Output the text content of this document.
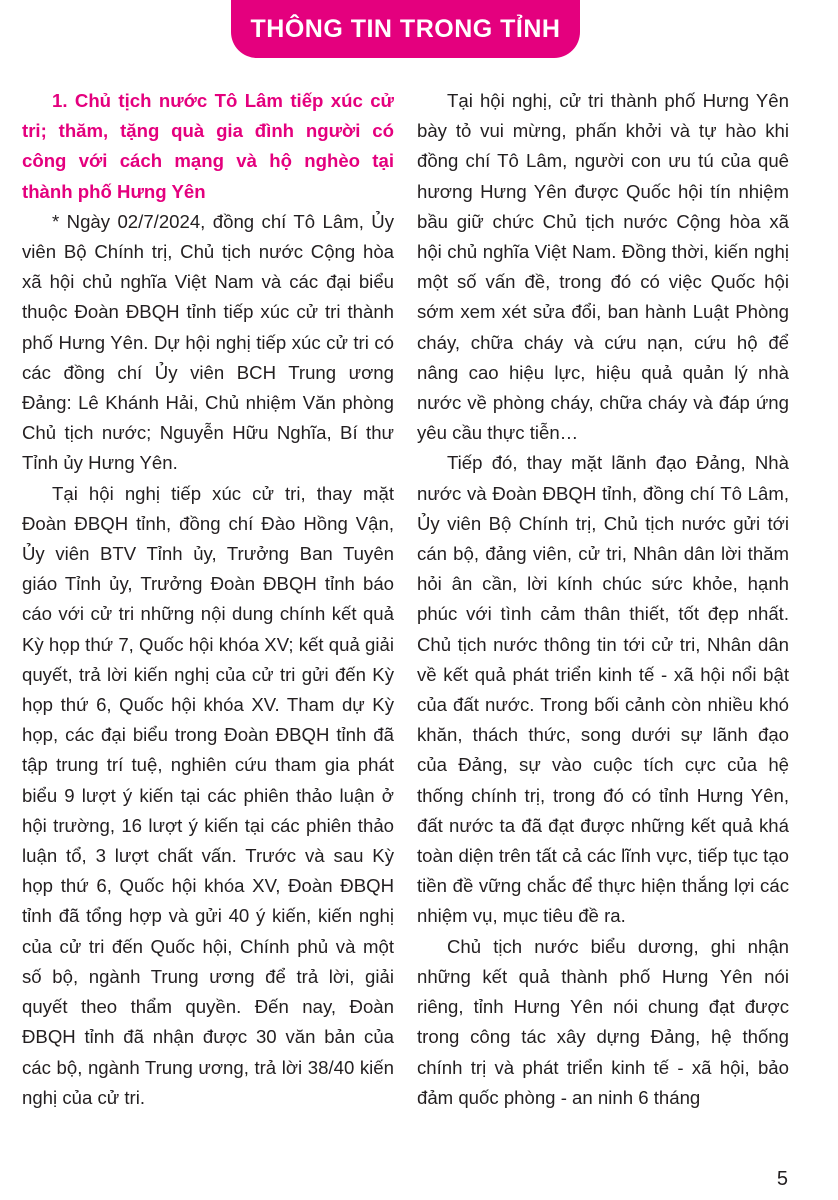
THÔNG TIN TRONG TỈNH

1. Chủ tịch nước Tô Lâm tiếp xúc cử tri; thăm, tặng quà gia đình người có công với cách mạng và hộ nghèo tại thành phố Hưng Yên

* Ngày 02/7/2024, đồng chí Tô Lâm, Ủy viên Bộ Chính trị, Chủ tịch nước Cộng hòa xã hội chủ nghĩa Việt Nam và các đại biểu thuộc Đoàn ĐBQH tỉnh tiếp xúc cử tri thành phố Hưng Yên. Dự hội nghị tiếp xúc cử tri có các đồng chí Ủy viên BCH Trung ương Đảng: Lê Khánh Hải, Chủ nhiệm Văn phòng Chủ tịch nước; Nguyễn Hữu Nghĩa, Bí thư Tỉnh ủy Hưng Yên.

Tại hội nghị tiếp xúc cử tri, thay mặt Đoàn ĐBQH tỉnh, đồng chí Đào Hồng Vận, Ủy viên BTV Tỉnh ủy, Trưởng Ban Tuyên giáo Tỉnh ủy, Trưởng Đoàn ĐBQH tỉnh báo cáo với cử tri những nội dung chính kết quả Kỳ họp thứ 7, Quốc hội khóa XV; kết quả giải quyết, trả lời kiến nghị của cử tri gửi đến Kỳ họp thứ 6, Quốc hội khóa XV. Tham dự Kỳ họp, các đại biểu trong Đoàn ĐBQH tỉnh đã tập trung trí tuệ, nghiên cứu tham gia phát biểu 9 lượt ý kiến tại các phiên thảo luận ở hội trường, 16 lượt ý kiến tại các phiên thảo luận tổ, 3 lượt chất vấn. Trước và sau Kỳ họp thứ 6, Quốc hội khóa XV, Đoàn ĐBQH tỉnh đã tổng hợp và gửi 40 ý kiến, kiến nghị của cử tri đến Quốc hội, Chính phủ và một số bộ, ngành Trung ương để trả lời, giải quyết theo thẩm quyền. Đến nay, Đoàn ĐBQH tỉnh đã nhận được 30 văn bản của các bộ, ngành Trung ương, trả lời 38/40 kiến nghị của cử tri.

Tại hội nghị, cử tri thành phố Hưng Yên bày tỏ vui mừng, phấn khởi và tự hào khi đồng chí Tô Lâm, người con ưu tú của quê hương Hưng Yên được Quốc hội tín nhiệm bầu giữ chức Chủ tịch nước Cộng hòa xã hội chủ nghĩa Việt Nam. Đồng thời, kiến nghị một số vấn đề, trong đó có việc Quốc hội sớm xem xét sửa đổi, ban hành Luật Phòng cháy, chữa cháy và cứu nạn, cứu hộ để nâng cao hiệu lực, hiệu quả quản lý nhà nước về phòng cháy, chữa cháy và đáp ứng yêu cầu thực tiễn…

Tiếp đó, thay mặt lãnh đạo Đảng, Nhà nước và Đoàn ĐBQH tỉnh, đồng chí Tô Lâm, Ủy viên Bộ Chính trị, Chủ tịch nước gửi tới cán bộ, đảng viên, cử tri, Nhân dân lời thăm hỏi ân cần, lời kính chúc sức khỏe, hạnh phúc với tình cảm thân thiết, tốt đẹp nhất. Chủ tịch nước thông tin tới cử tri, Nhân dân về kết quả phát triển kinh tế - xã hội nổi bật của đất nước. Trong bối cảnh còn nhiều khó khăn, thách thức, song dưới sự lãnh đạo của Đảng, sự vào cuộc tích cực của hệ thống chính trị, trong đó có tỉnh Hưng Yên, đất nước ta đã đạt được những kết quả khá toàn diện trên tất cả các lĩnh vực, tiếp tục tạo tiền đề vững chắc để thực hiện thắng lợi các nhiệm vụ, mục tiêu đề ra.

Chủ tịch nước biểu dương, ghi nhận những kết quả thành phố Hưng Yên nói riêng, tỉnh Hưng Yên nói chung đạt được trong công tác xây dựng Đảng, hệ thống chính trị và phát triển kinh tế - xã hội, bảo đảm quốc phòng - an ninh 6 tháng

5
